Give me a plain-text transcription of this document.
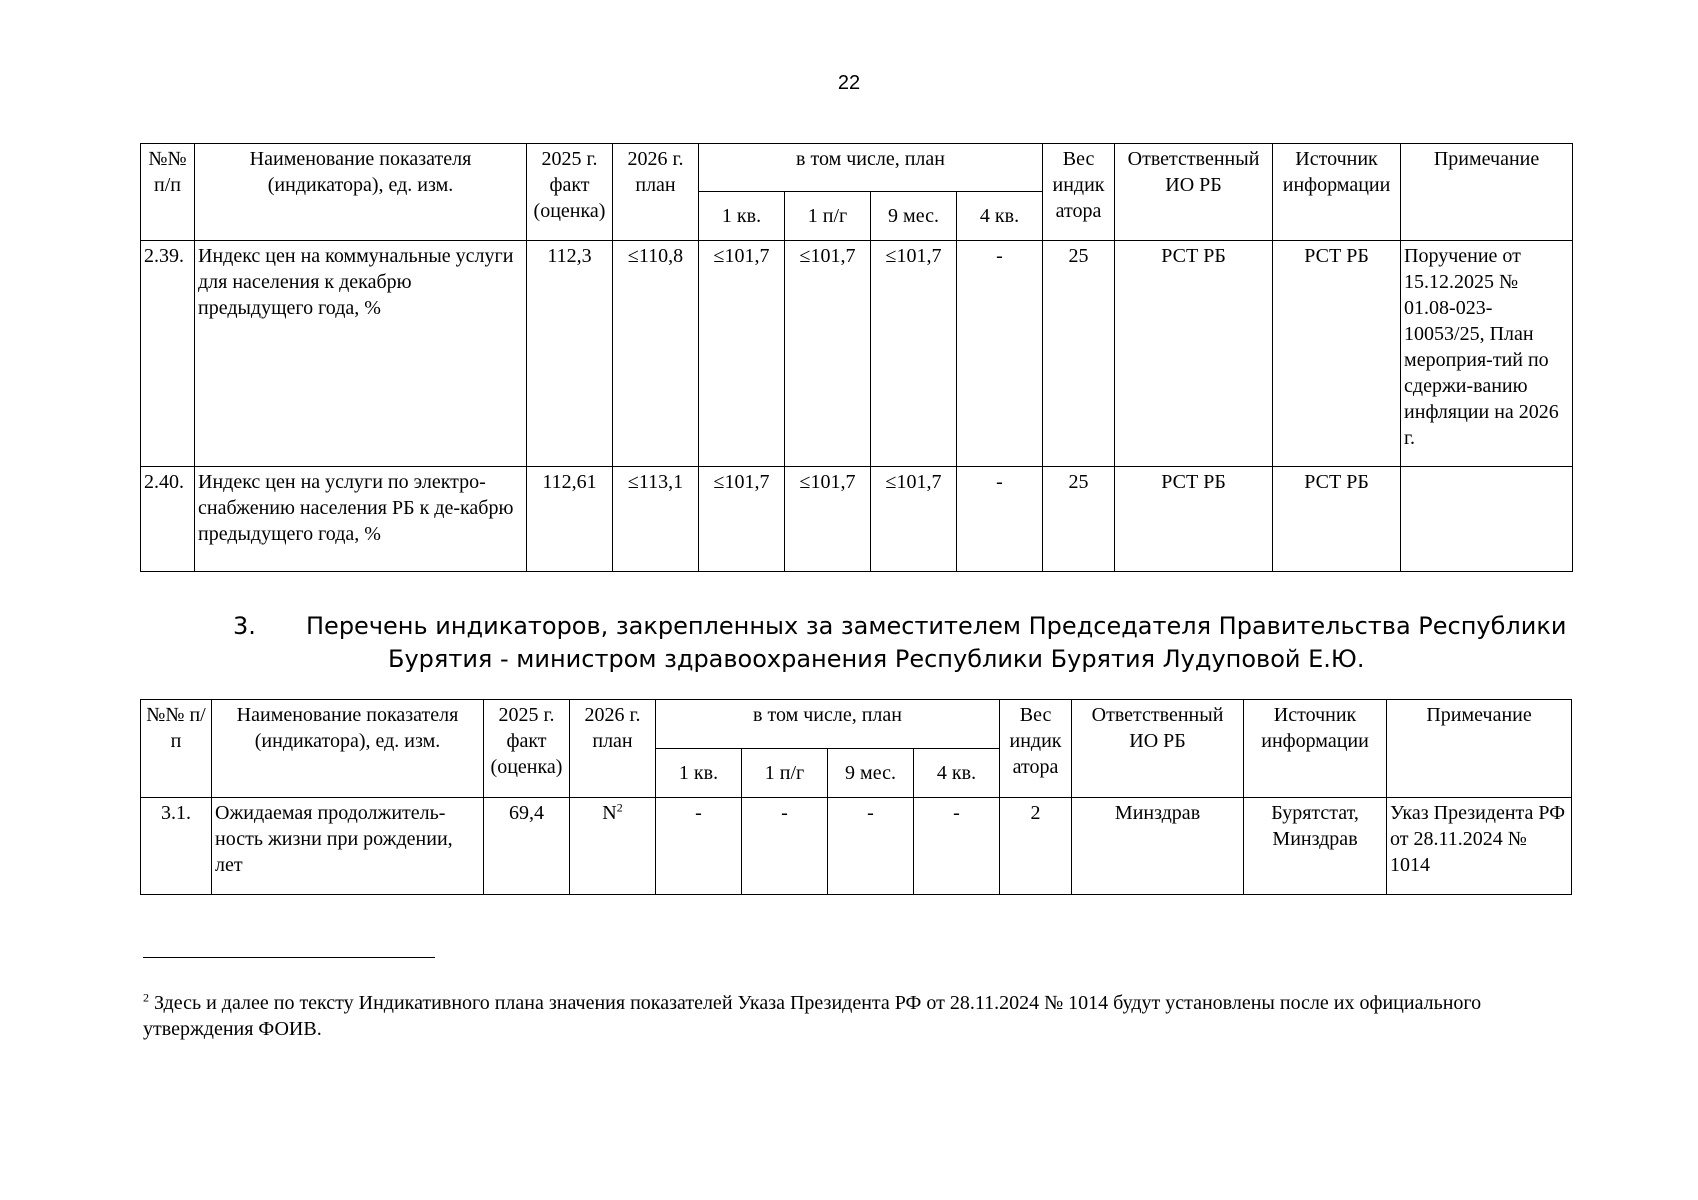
22
№№ п/п	Наименование показателя (индикатора), ед. изм.	2025 г. факт (оценка)	2026 г. план	в том числе, план				Вес индик атора	Ответственный ИО РБ	Источник информации	Примечание
				1 кв.	1 п/г	9 мес.	4 кв.				
2.39.	Индекс цен на коммунальные услуги для населения к декабрю предыдущего года, %	112,3	≤110,8	≤101,7	≤101,7	≤101,7	-	25	РСТ РБ	РСТ РБ	Поручение от 15.12.2025 № 01.08-023-10053/25, План мероприя-тий по сдержи-ванию инфляции на 2026 г.
2.40.	Индекс цен на услуги по электро-снабжению населения РБ к де-кабрю предыдущего года, %	112,61	≤113,1	≤101,7	≤101,7	≤101,7	-	25	РСТ РБ	РСТ РБ	
3. Перечень индикаторов, закрепленных за заместителем Председателя Правительства Республики
Бурятия - министром здравоохранения Республики Бурятия Лудуповой Е.Ю.
№№ п/п	Наименование показателя (индикатора), ед. изм.	2025 г. факт (оценка)	2026 г. план	в том числе, план				Вес индик атора	Ответственный ИО РБ	Источник информации	Примечание
				1 кв.	1 п/г	9 мес.	4 кв.				
3.1.	Ожидаемая продолжитель-ность жизни при рождении, лет	69,4	$N^2$	-	-	-	-	2	Минздрав	Бурятстат, Минздрав	Указ Президента РФ от 28.11.2024 № 1014
$^2$ Здесь и далее по тексту Индикативного плана значения показателей Указа Президента РФ от 28.11.2024 № 1014 будут установлены после их официального утверждения ФОИВ.
